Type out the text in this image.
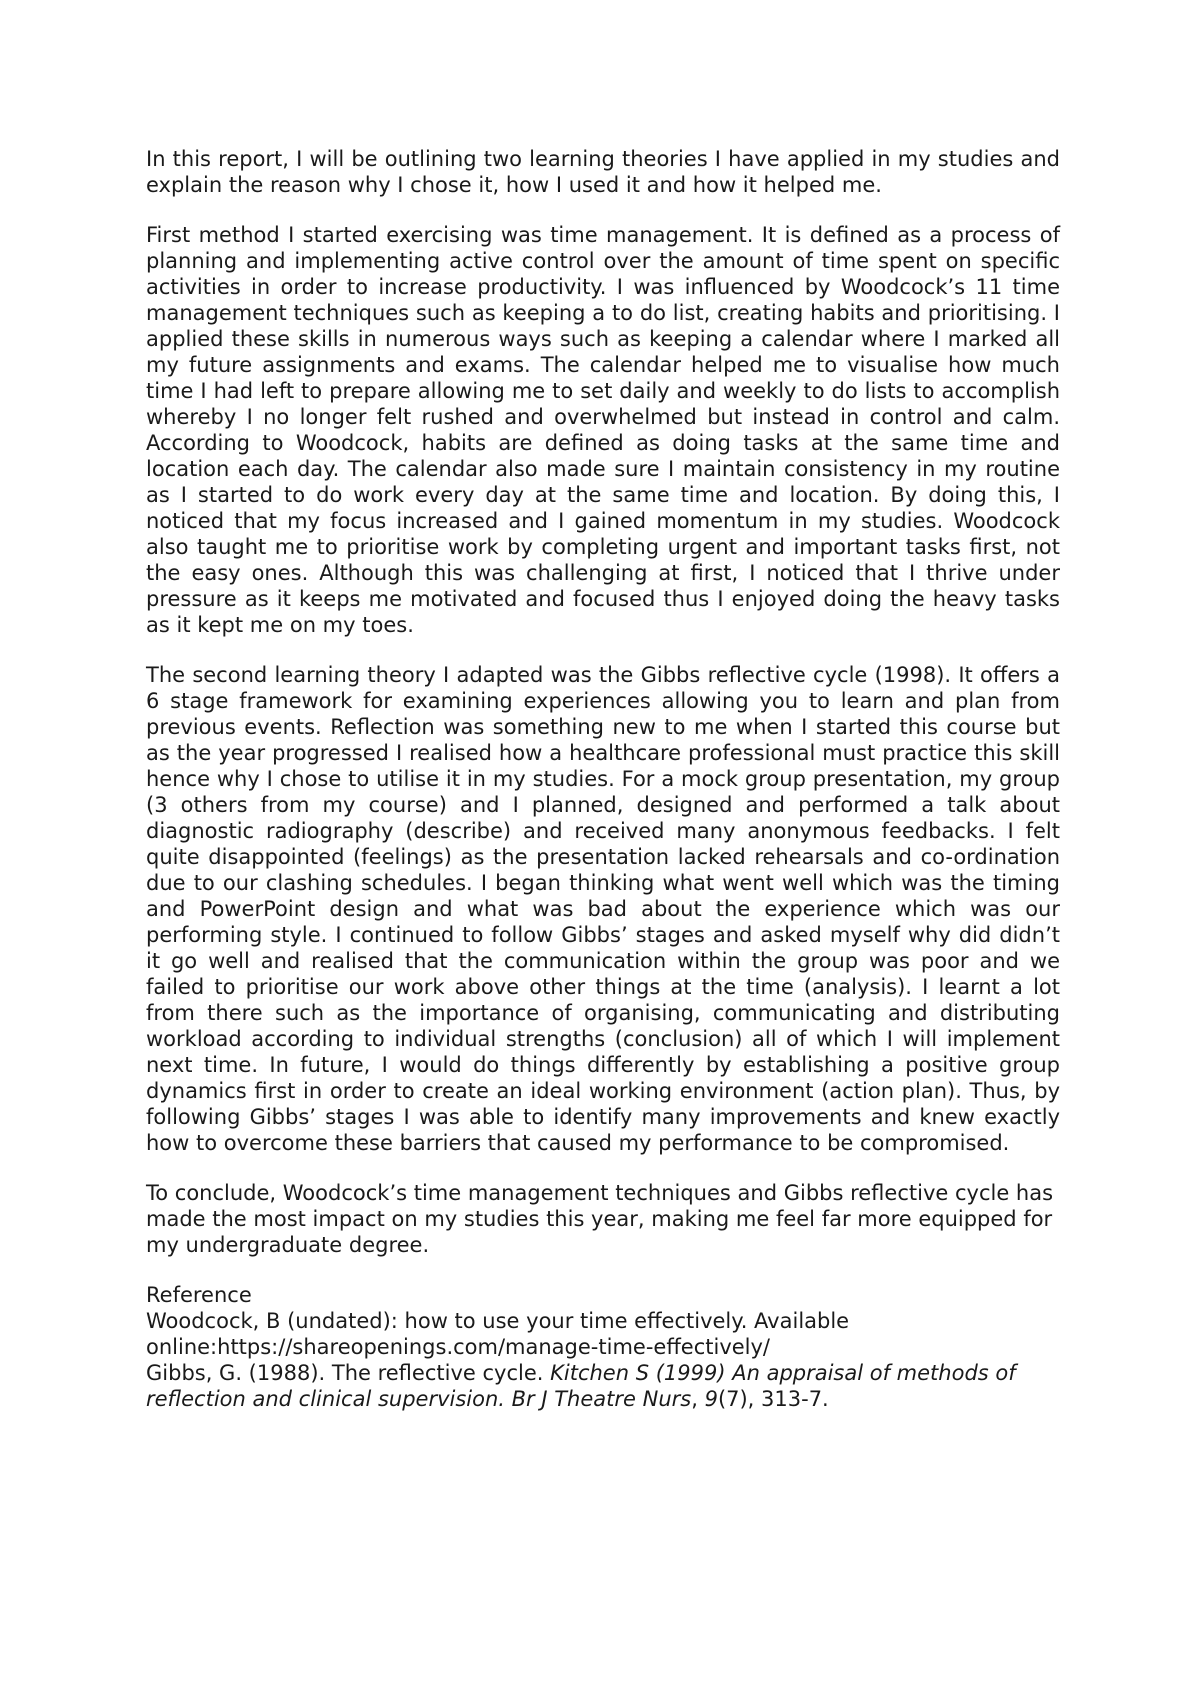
In this report, I will be outlining two learning theories I have applied in my studies and explain the reason why I chose it, how I used it and how it helped me.

First method I started exercising was time management. It is defined as a process of planning and implementing active control over the amount of time spent on specific activities in order to increase productivity. I was influenced by Woodcock’s 11 time management techniques such as keeping a to do list, creating habits and prioritising. I applied these skills in numerous ways such as keeping a calendar where I marked all my future assignments and exams. The calendar helped me to visualise how much time I had left to prepare allowing me to set daily and weekly to do lists to accomplish whereby I no longer felt rushed and overwhelmed but instead in control and calm. According to Woodcock, habits are defined as doing tasks at the same time and location each day. The calendar also made sure I maintain consistency in my routine as I started to do work every day at the same time and location. By doing this, I noticed that my focus increased and I gained momentum in my studies. Woodcock also taught me to prioritise work by completing urgent and important tasks first, not the easy ones. Although this was challenging at first, I noticed that I thrive under pressure as it keeps me motivated and focused thus I enjoyed doing the heavy tasks as it kept me on my toes.

The second learning theory I adapted was the Gibbs reflective cycle (1998). It offers a 6 stage framework for examining experiences allowing you to learn and plan from previous events. Reflection was something new to me when I started this course but as the year progressed I realised how a healthcare professional must practice this skill hence why I chose to utilise it in my studies. For a mock group presentation, my group (3 others from my course) and I planned, designed and performed a talk about diagnostic radiography (describe) and received many anonymous feedbacks. I felt quite disappointed (feelings) as the presentation lacked rehearsals and co-ordination due to our clashing schedules. I began thinking what went well which was the timing and PowerPoint design and what was bad about the experience which was our performing style. I continued to follow Gibbs’ stages and asked myself why did didn’t it go well and realised that the communication within the group was poor and we failed to prioritise our work above other things at the time (analysis). I learnt a lot from there such as the importance of organising, communicating and distributing workload according to individual strengths (conclusion) all of which I will implement next time. In future, I would do things differently by establishing a positive group dynamics first in order to create an ideal working environment (action plan). Thus, by following Gibbs’ stages I was able to identify many improvements and knew exactly how to overcome these barriers that caused my performance to be compromised.

To conclude, Woodcock’s time management techniques and Gibbs reflective cycle has made the most impact on my studies this year, making me feel far more equipped for my undergraduate degree.

Reference
Woodcock, B (undated): how to use your time effectively. Available
online:https://shareopenings.com/manage-time-effectively/
Gibbs, G. (1988). The reflective cycle. Kitchen S (1999) An appraisal of methods of reflection and clinical supervision. Br J Theatre Nurs, 9(7), 313-7.
